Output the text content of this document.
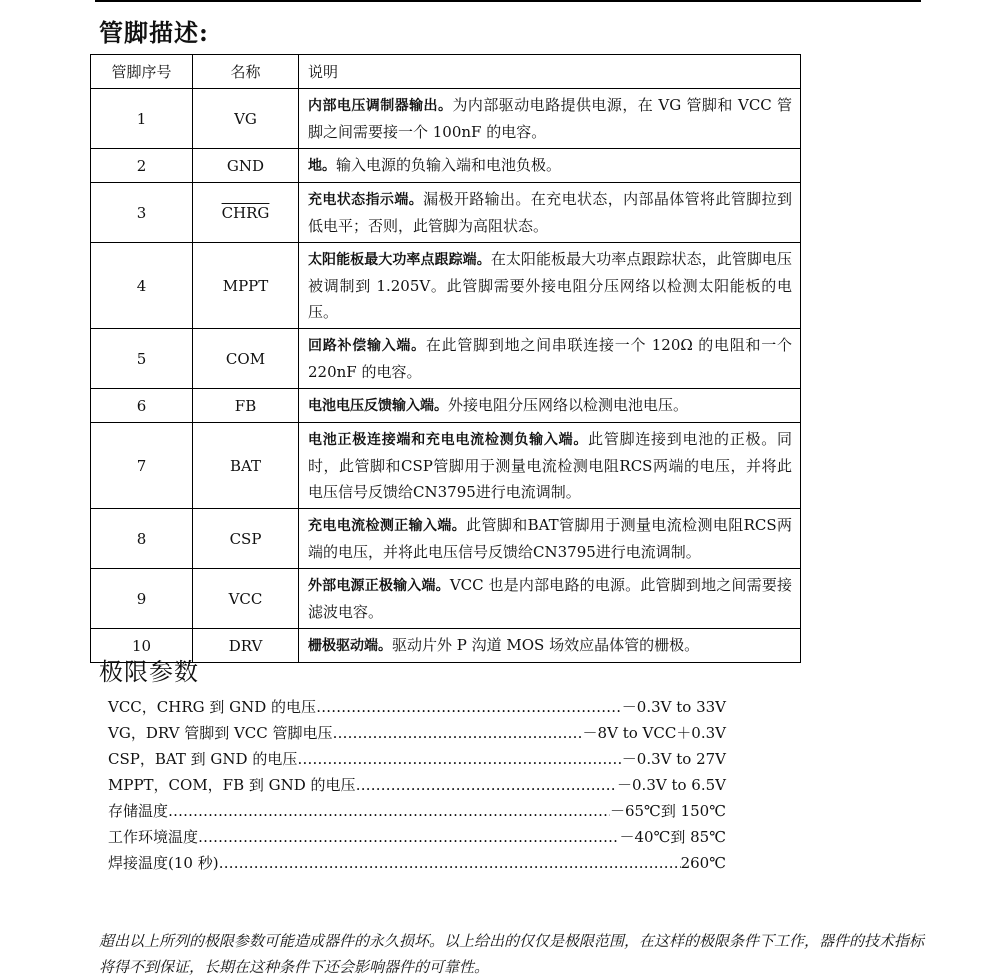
管脚描述:
管脚序号	名称	说明
1	VG	内部电压调制器输出。为内部驱动电路提供电源，在 VG 管脚和 VCC 管脚之间需要接一个 100nF 的电容。
2	GND	地。输入电源的负输入端和电池负极。
3	CHRG	充电状态指示端。漏极开路输出。在充电状态，内部晶体管将此管脚拉到低电平；否则，此管脚为高阻状态。
4	MPPT	太阳能板最大功率点跟踪端。在太阳能板最大功率点跟踪状态，此管脚电压被调制到 1.205V。此管脚需要外接电阻分压网络以检测太阳能板的电压。
5	COM	回路补偿输入端。在此管脚到地之间串联连接一个 120Ω 的电阻和一个 220nF 的电容。
6	FB	电池电压反馈输入端。外接电阻分压网络以检测电池电压。
7	BAT	电池正极连接端和充电电流检测负输入端。此管脚连接到电池的正极。同时，此管脚和CSP管脚用于测量电流检测电阻RCS两端的电压，并将此电压信号反馈给CN3795进行电流调制。
8	CSP	充电电流检测正输入端。此管脚和BAT管脚用于测量电流检测电阻RCS两端的电压，并将此电压信号反馈给CN3795进行电流调制。
9	VCC	外部电源正极输入端。VCC 也是内部电路的电源。此管脚到地之间需要接滤波电容。
10	DRV	栅极驱动端。驱动片外 P 沟道 MOS 场效应晶体管的栅极。
极限参数
VCC，CHRG 到 GND 的电压 ……………………………………………………………………………………………………………………	－0.3V to 33V
VG，DRV 管脚到 VCC 管脚电压 ……………………………………………………………………………………………………………………	－8V to VCC＋0.3V
CSP，BAT 到 GND 的电压 ……………………………………………………………………………………………………………………	－0.3V to 27V
MPPT，COM，FB 到 GND 的电压 ……………………………………………………………………………………………………………………	－0.3V to 6.5V
存储温度 ……………………………………………………………………………………………………………………	－65℃到 150℃
工作环境温度 ……………………………………………………………………………………………………………………	－40℃到 85℃
焊接温度(10 秒) ……………………………………………………………………………………………………………………	260℃
超出以上所列的极限参数可能造成器件的永久损坏。以上给出的仅仅是极限范围，在这样的极限条件下工作，器件的技术指标将得不到保证，长期在这种条件下还会影响器件的可靠性。
